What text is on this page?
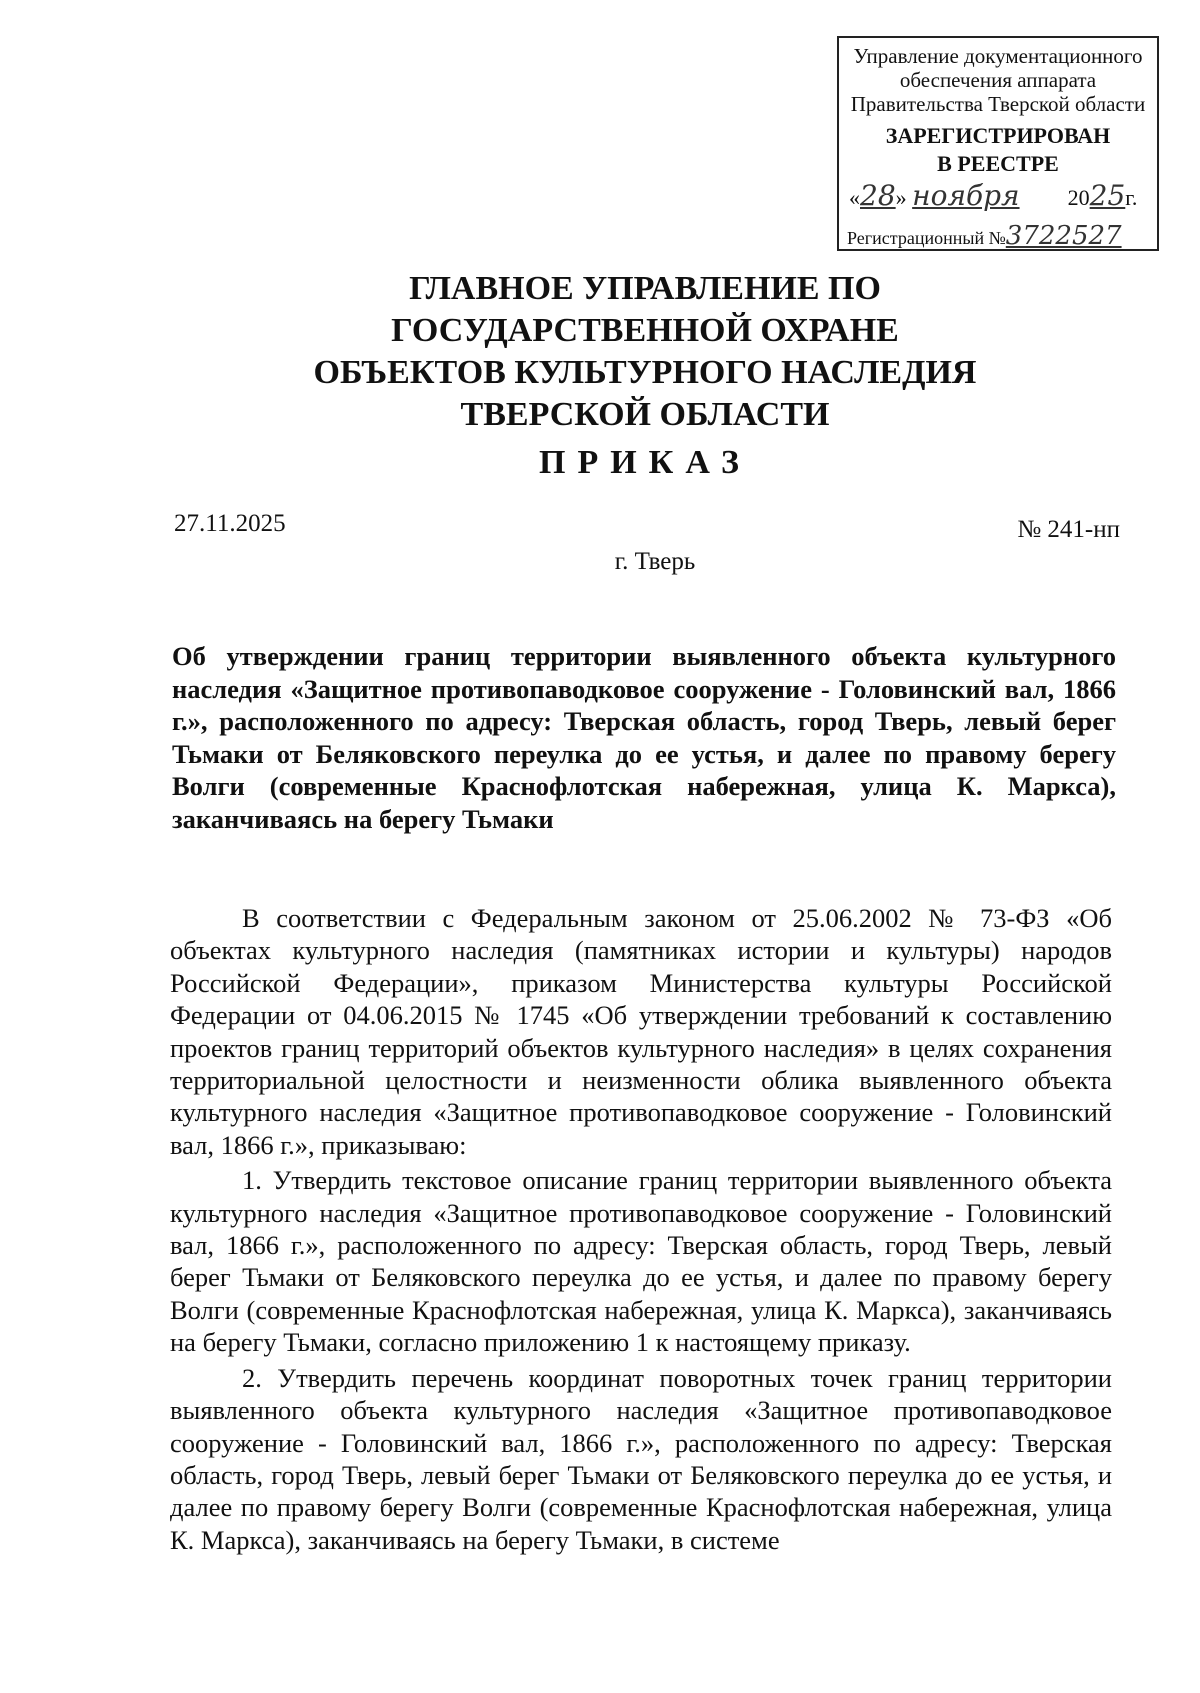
Управление документационного
обеспечения аппарата
Правительства Тверской области
ЗАРЕГИСТРИРОВАН
В РЕЕСТРЕ
«28» ноября 2025г.
Регистрационный №3722527
ГЛАВНОЕ УПРАВЛЕНИЕ ПО
ГОСУДАРСТВЕННОЙ ОХРАНЕ
ОБЪЕКТОВ КУЛЬТУРНОГО НАСЛЕДИЯ
ТВЕРСКОЙ ОБЛАСТИ
ПРИКАЗ
27.11.2025	№ 241-нп
г. Тверь
Об утверждении границ территории выявленного объекта культурного наследия «Защитное противопаводковое сооружение - Головинский вал, 1866 г.», расположенного по адресу: Тверская область, город Тверь, левый берег Тьмаки от Беляковского переулка до ее устья, и далее по правому берегу Волги (современные Краснофлотская набережная, улица К. Маркса), заканчиваясь на берегу Тьмаки

В соответствии с Федеральным законом от 25.06.2002 № 73-ФЗ «Об объектах культурного наследия (памятниках истории и культуры) народов Российской Федерации», приказом Министерства культуры Российской Федерации от 04.06.2015 № 1745 «Об утверждении требований к составлению проектов границ территорий объектов культурного наследия» в целях сохранения территориальной целостности и неизменности облика выявленного объекта культурного наследия «Защитное противопаводковое сооружение - Головинский вал, 1866 г.», приказываю:

1. Утвердить текстовое описание границ территории выявленного объекта культурного наследия «Защитное противопаводковое сооружение - Головинский вал, 1866 г.», расположенного по адресу: Тверская область, город Тверь, левый берег Тьмаки от Беляковского переулка до ее устья, и далее по правому берегу Волги (современные Краснофлотская набережная, улица К. Маркса), заканчиваясь на берегу Тьмаки, согласно приложению 1 к настоящему приказу.

2. Утвердить перечень координат поворотных точек границ территории выявленного объекта культурного наследия «Защитное противопаводковое сооружение - Головинский вал, 1866 г.», расположенного по адресу: Тверская область, город Тверь, левый берег Тьмаки от Беляковского переулка до ее устья, и далее по правому берегу Волги (современные Краснофлотская набережная, улица К. Маркса), заканчиваясь на берегу Тьмаки, в системе
